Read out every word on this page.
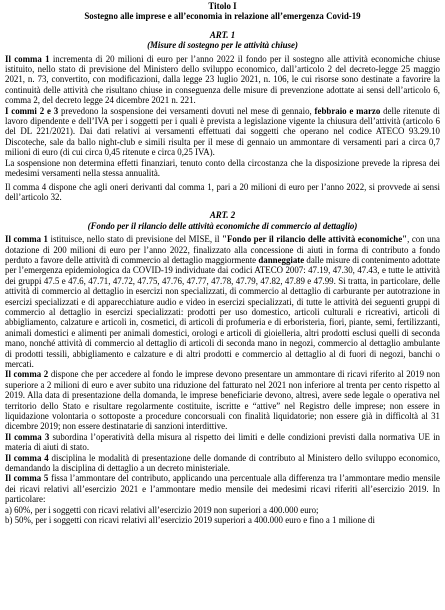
Titolo I
Sostegno alle imprese e all’economia in relazione all’emergenza Covid-19
ART. 1
(Misure di sostegno per le attività chiuse)

Il comma 1 incrementa di 20 milioni di euro per l’anno 2022 il fondo per il sostegno alle attività economiche chiuse istituito, nello stato di previsione del Ministero dello sviluppo economico, dall’articolo 2 del decreto-legge 25 maggio 2021, n. 73, convertito, con modificazioni, dalla legge 23 luglio 2021, n. 106, le cui risorse sono destinate a favorire la continuità delle attività che risultano chiuse in conseguenza delle misure di prevenzione adottate ai sensi dell’articolo 6, comma 2, del decreto legge 24 dicembre 2021 n. 221.

I commi 2 e 3 prevedono la sospensione dei versamenti dovuti nel mese di gennaio, febbraio e marzo delle ritenute di lavoro dipendente e dell’IVA per i soggetti per i quali è prevista a legislazione vigente la chiusura dell’attività (articolo 6 del DL 221/2021). Dai dati relativi ai versamenti effettuati dai soggetti che operano nel codice ATECO 93.29.10 Discoteche, sale da ballo night-club e simili risulta per il mese di gennaio un ammontare di versamenti pari a circa 0,7 milioni di euro (di cui circa 0,45 ritenute e circa 0,25 IVA).

La sospensione non determina effetti finanziari, tenuto conto della circostanza che la disposizione prevede la ripresa dei medesimi versamenti nella stessa annualità.

Il comma 4 dispone che agli oneri derivanti dal comma 1, pari a 20 milioni di euro per l’anno 2022, si provvede ai sensi dell’articolo 32.

ART. 2
(Fondo per il rilancio delle attività economiche di commercio al dettaglio)

Il comma 1 istituisce, nello stato di previsione del MISE, il "Fondo per il rilancio delle attività economiche", con una dotazione di 200 milioni di euro per l’anno 2022, finalizzato alla concessione di aiuti in forma di contributo a fondo perduto a favore delle attività di commercio al dettaglio maggiormente danneggiate dalle misure di contenimento adottate per l’emergenza epidemiologica da COVID-19 individuate dai codici ATECO 2007: 47.19, 47.30, 47.43, e tutte le attività dei gruppi 47.5 e 47.6, 47.71, 47.72, 47.75, 47.76, 47.77, 47.78, 47.79, 47.82, 47.89 e 47.99. Si tratta, in particolare, delle attività di commercio al dettaglio in esercizi non specializzati, di commercio al dettaglio di carburante per autotrazione in esercizi specializzati e di apparecchiature audio e video in esercizi specializzati, di tutte le attività dei seguenti gruppi di commercio al dettaglio in esercizi specializzati: prodotti per uso domestico, articoli culturali e ricreativi, articoli di abbigliamento, calzature e articoli in, cosmetici, di articoli di profumeria e di erboristeria, fiori, piante, semi, fertilizzanti, animali domestici e alimenti per animali domestici, orologi e articoli di gioielleria, altri prodotti esclusi quelli di seconda mano, nonché attività di commercio al dettaglio di articoli di seconda mano in negozi, commercio al dettaglio ambulante di prodotti tessili, abbigliamento e calzature e di altri prodotti e commercio al dettaglio al di fuori di negozi, banchi o mercati.

Il comma 2 dispone che per accedere al fondo le imprese devono presentare un ammontare di ricavi riferito al 2019 non superiore a 2 milioni di euro e aver subito una riduzione del fatturato nel 2021 non inferiore al trenta per cento rispetto al 2019. Alla data di presentazione della domanda, le imprese beneficiarie devono, altresì, avere sede legale o operativa nel territorio dello Stato e risultare regolarmente costituite, iscritte e “attive” nel Registro delle imprese; non essere in liquidazione volontaria o sottoposte a procedure concorsuali con finalità liquidatorie; non essere già in difficoltà al 31 dicembre 2019; non essere destinatarie di sanzioni interdittive.

Il comma 3 subordina l’operatività della misura al rispetto dei limiti e delle condizioni previsti dalla normativa UE in materia di aiuti di stato.

Il comma 4 disciplina le modalità di presentazione delle domande di contributo al Ministero dello sviluppo economico, demandando la disciplina di dettaglio a un decreto ministeriale.

Il comma 5 fissa l’ammontare del contributo, applicando una percentuale alla differenza tra l’ammontare medio mensile dei ricavi relativi all’esercizio 2021 e l’ammontare medio mensile dei medesimi ricavi riferiti all’esercizio 2019. In particolare:

a) 60%, per i soggetti con ricavi relativi all’esercizio 2019 non superiori a 400.000 euro;

b) 50%, per i soggetti con ricavi relativi all’esercizio 2019 superiori a 400.000 euro e fino a 1 milione di
